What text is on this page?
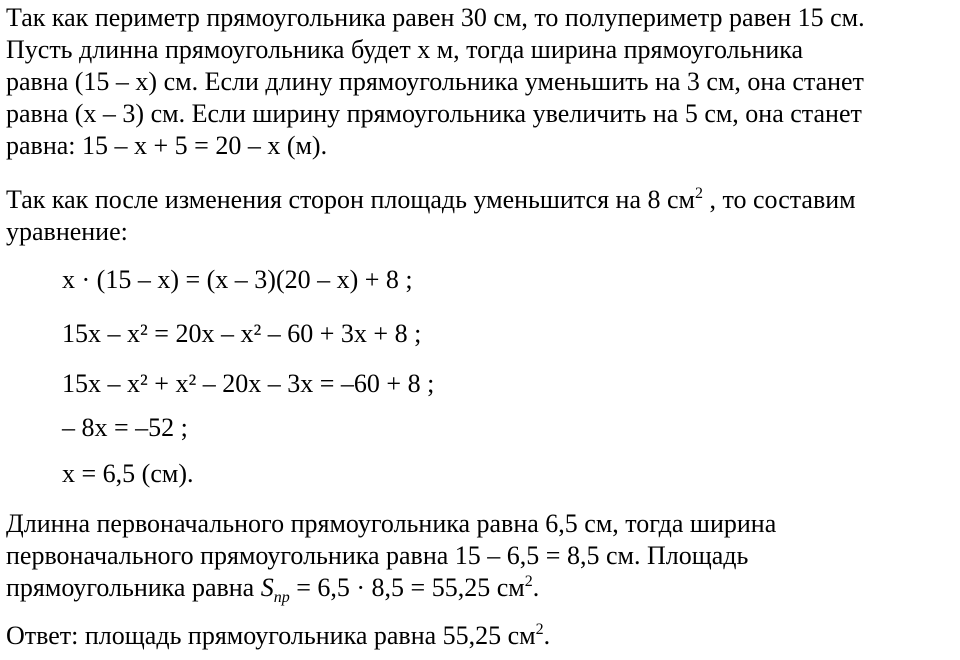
Так как периметр прямоугольника равен 30 см, то полупериметр равен 15 см.
Пусть длинна прямоугольника будет x м, тогда ширина прямоугольника
равна (15 – x) см. Если длину прямоугольника уменьшить на 3 см, она станет
равна (x – 3) см. Если ширину прямоугольника увеличить на 5 см, она станет
равна: 15 – x + 5 = 20 – x (м).

Так как после изменения сторон площадь уменьшится на 8 $см^2$ , то составим
уравнение:

x · (15 – x) = (x – 3)(20 – x) + 8 ;
15x – x² = 20x – x² – 60 + 3x + 8 ;
15x – x² + x² – 20x – 3x = –60 + 8 ;
– 8x = –52 ;
x = 6,5 (см).

Длинна первоначального прямоугольника равна 6,5 см, тогда ширина
первоначального прямоугольника равна 15 – 6,5 = 8,5 см. Площадь
прямоугольника равна $S_{пр} = 6,5 \cdot 8,5 = 55,25$ $см^2$.

Ответ: площадь прямоугольника равна 55,25 $см^2$.
